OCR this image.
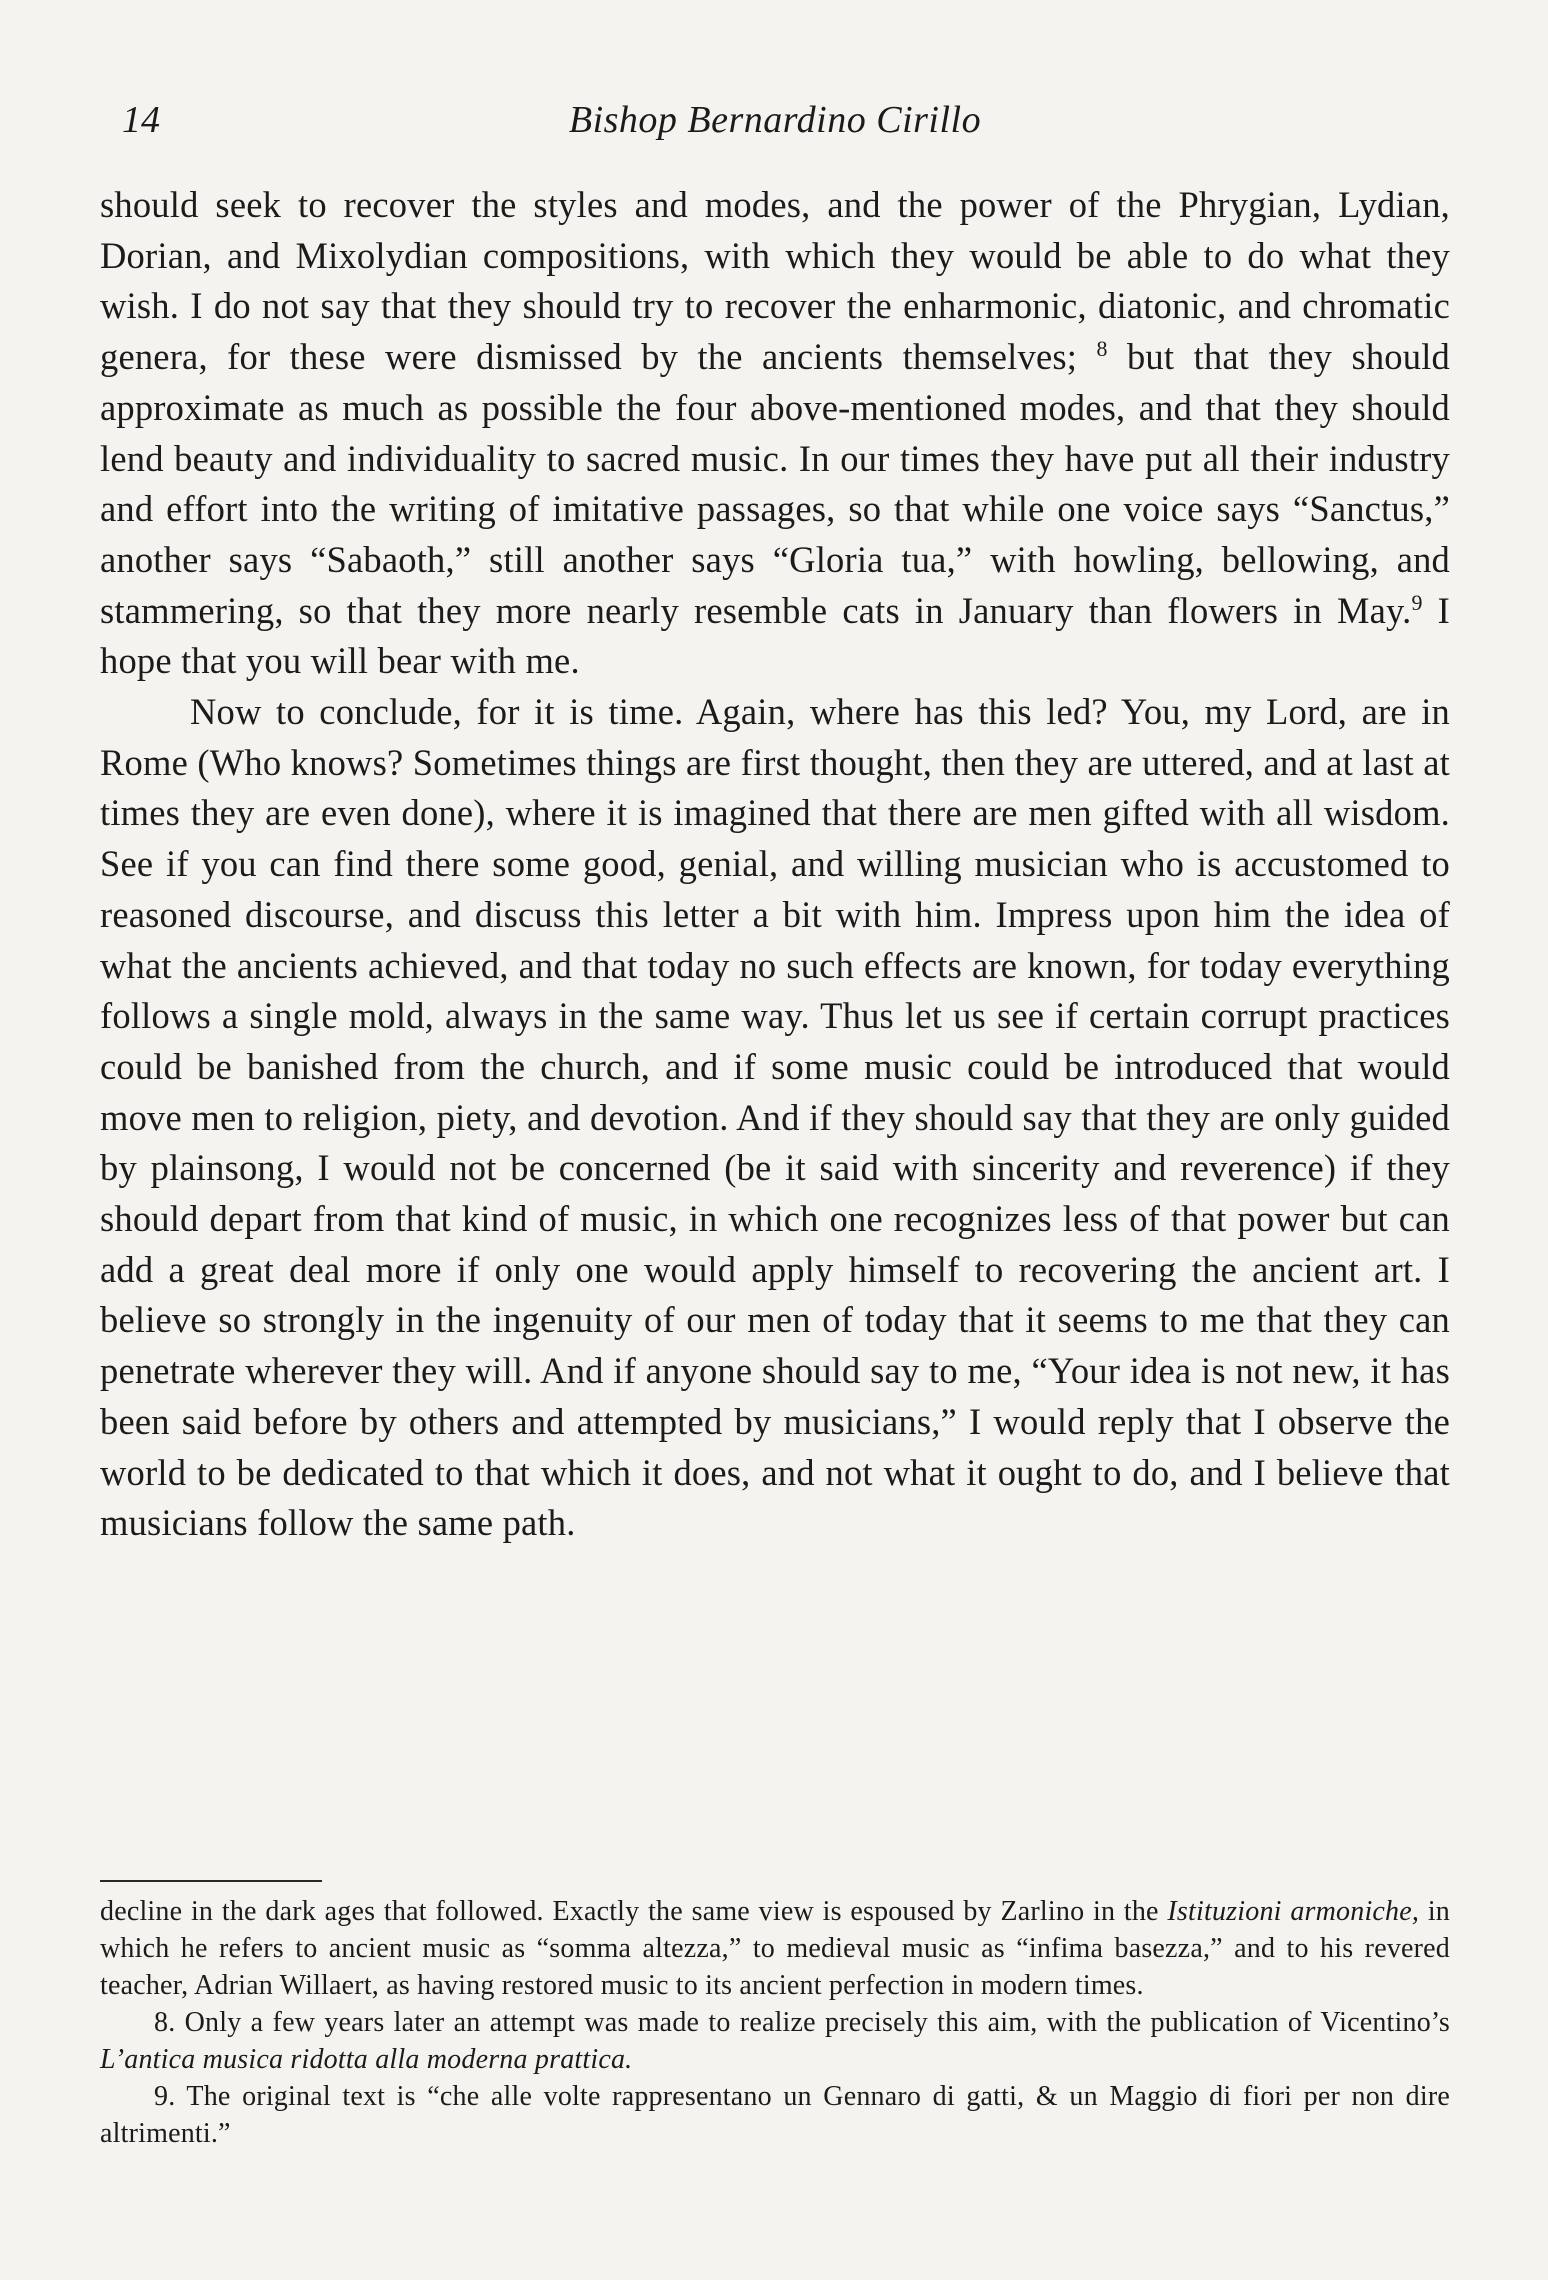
14	Bishop Bernardino Cirillo

should seek to recover the styles and modes, and the power of the Phrygian, Lydian, Dorian, and Mixolydian compositions, with which they would be able to do what they wish. I do not say that they should try to recover the enharmonic, diatonic, and chromatic genera, for these were dismissed by the ancients themselves; $^8$ but that they should approximate as much as possible the four above-mentioned modes, and that they should lend beauty and individuality to sacred music. In our times they have put all their industry and effort into the writing of imitative passages, so that while one voice says “Sanctus,” another says “Sabaoth,” still another says “Gloria tua,” with howling, bellowing, and stammering, so that they more nearly resemble cats in January than flowers in May.$^9$ I hope that you will bear with me.

Now to conclude, for it is time. Again, where has this led? You, my Lord, are in Rome (Who knows? Sometimes things are first thought, then they are uttered, and at last at times they are even done), where it is imagined that there are men gifted with all wisdom. See if you can find there some good, genial, and willing musician who is accustomed to reasoned discourse, and discuss this letter a bit with him. Impress upon him the idea of what the ancients achieved, and that today no such effects are known, for today everything follows a single mold, always in the same way. Thus let us see if certain corrupt practices could be banished from the church, and if some music could be introduced that would move men to religion, piety, and devotion. And if they should say that they are only guided by plainsong, I would not be concerned (be it said with sincerity and reverence) if they should depart from that kind of music, in which one recognizes less of that power but can add a great deal more if only one would apply himself to recovering the ancient art. I believe so strongly in the ingenuity of our men of today that it seems to me that they can penetrate wherever they will. And if anyone should say to me, “Your idea is not new, it has been said before by others and attempted by musicians,” I would reply that I observe the world to be dedicated to that which it does, and not what it ought to do, and I believe that musicians follow the same path.

decline in the dark ages that followed. Exactly the same view is espoused by Zarlino in the Istituzioni armoniche, in which he refers to ancient music as “somma altezza,” to medieval music as “infima basezza,” and to his revered teacher, Adrian Willaert, as having restored music to its ancient perfection in modern times.

8. Only a few years later an attempt was made to realize precisely this aim, with the publication of Vicentino’s L’antica musica ridotta alla moderna prattica.

9. The original text is “che alle volte rappresentano un Gennaro di gatti, & un Maggio di fiori per non dire altrimenti.”
